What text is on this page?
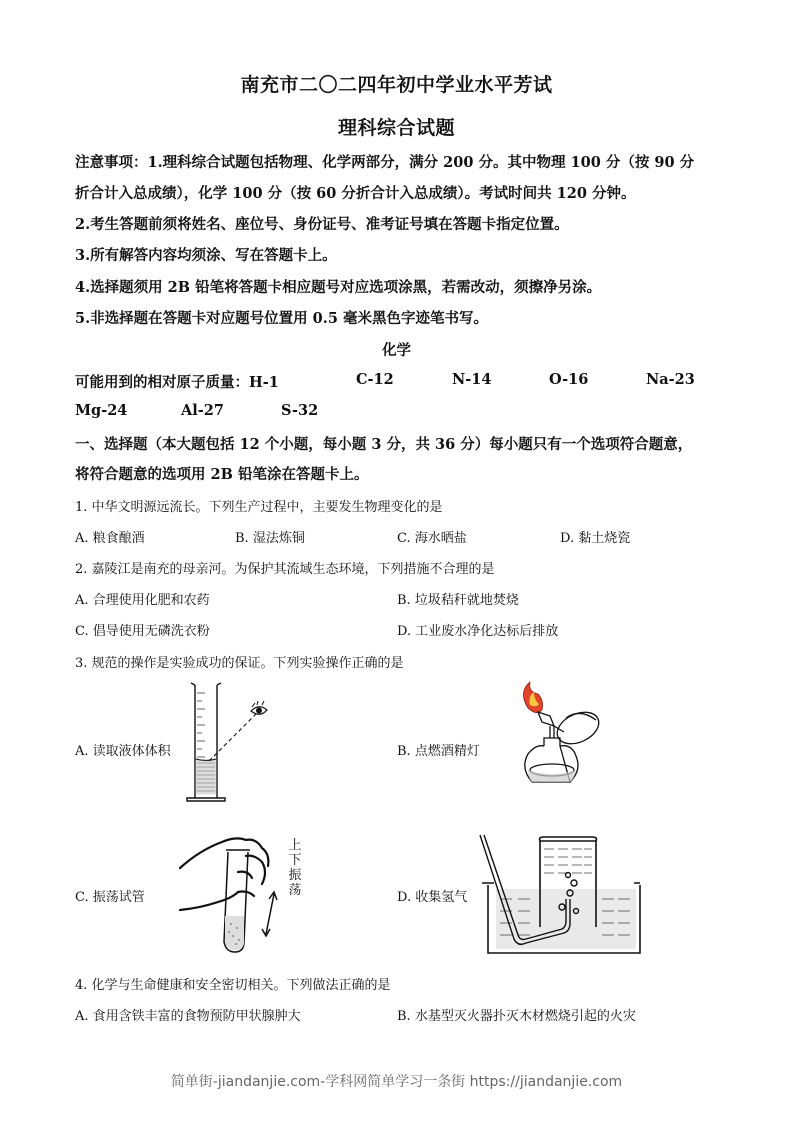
南充市二〇二四年初中学业水平芳试
理科综合试题
注意事项：1.理科综合试题包括物理、化学两部分，满分 200 分。其中物理 100 分（按 90 分
折合计入总成绩），化学 100 分（按 60 分折合计入总成绩）。考试时间共 120 分钟。
2.考生答题前须将姓名、座位号、身份证号、准考证号填在答题卡指定位置。
3.所有解答内容均须涂、写在答题卡上。
4.选择题须用 2B 铅笔将答题卡相应题号对应选项涂黑，若需改动，须擦净另涂。
5.非选择题在答题卡对应题号位置用 0.5 毫米黑色字迹笔书写。
化学
可能用到的相对原子质量：H-1	C-12	N-14	O-16	Na-23
Mg-24	Al-27	S-32
一、选择题（本大题包括 12 个小题，每小题 3 分，共 36 分）每小题只有一个选项符合题意，
将符合题意的选项用 2B 铅笔涂在答题卡上。
1. 中华文明源远流长。下列生产过程中，主要发生物理变化的是
A. 粮食酿酒	B. 湿法炼铜	C. 海水晒盐	D. 黏土烧瓷
2. 嘉陵江是南充的母亲河。为保护其流域生态环境，下列措施不合理的是
A. 合理使用化肥和农药	B. 垃圾秸秆就地焚烧
C. 倡导使用无磷洗衣粉	D. 工业废水净化达标后排放
3. 规范的操作是实验成功的保证。下列实验操作正确的是
A. 读取液体体积	B. 点燃酒精灯
C. 振荡试管	D. 收集氢气
上
下
振
荡
4. 化学与生命健康和安全密切相关。下列做法正确的是
A. 食用含铁丰富的食物预防甲状腺肿大	B. 水基型灭火器扑灭木材燃烧引起的火灾
简单街-jiandanjie.com-学科网简单学习一条街 https://jiandanjie.com
